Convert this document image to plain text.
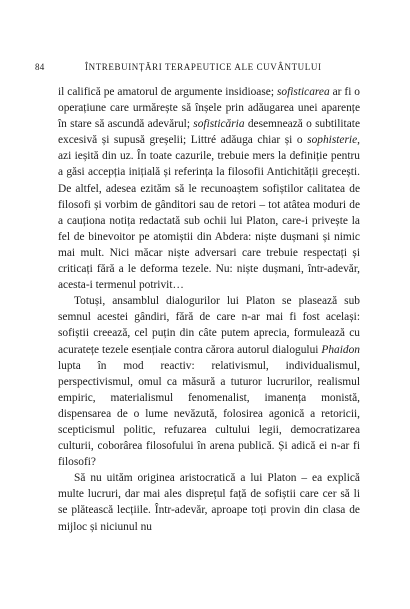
84	ÎNTREBUINȚĂRI TERAPEUTICE ALE CUVÂNTULUI

il califică pe amatorul de argumente insidioase; sofisticarea ar fi o operațiune care urmărește să înșele prin adăugarea unei aparențe în stare să ascundă adevărul; sofisticăria desemnează o subtilitate excesivă și supusă greșelii; Littré adăuga chiar și o sophisterie, azi ieșită din uz. În toate cazurile, trebuie mers la definiție pentru a găsi accepția inițială și referința la filosofii Antichității grecești. De altfel, adesea ezităm să le recunoaștem sofiștilor calitatea de filosofi și vorbim de gânditori sau de retori – tot atâtea moduri de a cauționa notița redactată sub ochii lui Platon, care-i privește la fel de binevoitor pe atomiștii din Abdera: niște dușmani și nimic mai mult. Nici măcar niște adversari care trebuie respectați și criticați fără a le deforma tezele. Nu: niște dușmani, într-adevăr, acesta-i termenul potrivit…

Totuși, ansamblul dialogurilor lui Platon se plasează sub semnul acestei gândiri, fără de care n-ar mai fi fost același: sofiștii creează, cel puțin din câte putem aprecia, formulează cu acuratețe tezele esențiale contra cărora autorul dialogului Phaidon lupta în mod reactiv: relativismul, individualismul, perspectivismul, omul ca măsură a tuturor lucrurilor, realismul empiric, materialismul fenomenalist, imanența monistă, dispensarea de o lume nevăzută, folosirea agonică a retoricii, scepticismul politic, refuzarea cultului legii, democratizarea culturii, coborârea filosofului în arena publică. Și adică ei n-ar fi filosofi?

Să nu uităm originea aristocratică a lui Platon – ea explică multe lucruri, dar mai ales disprețul față de sofiștii care cer să li se plătească lecțiile. Într-adevăr, aproape toți provin din clasa de mijloc și niciunul nu
